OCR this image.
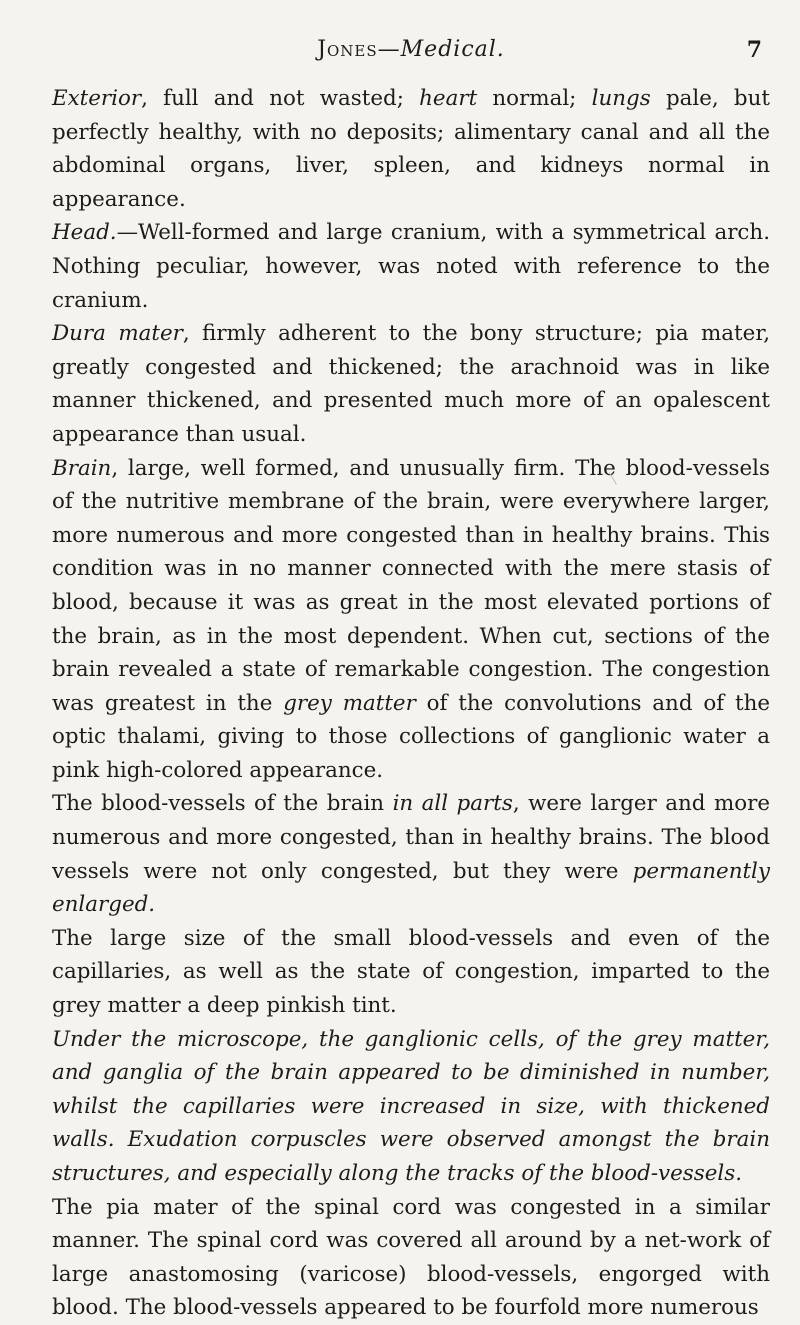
Jones—Medical.	7

Exterior, full and not wasted; heart normal; lungs pale, but perfectly healthy, with no deposits; alimentary canal and all the abdominal organs, liver, spleen, and kidneys normal in appearance.

Head.—Well-formed and large cranium, with a symmetrical arch. Nothing peculiar, however, was noted with reference to the cranium.

Dura mater, firmly adherent to the bony structure; pia mater, greatly congested and thickened; the arachnoid was in like manner thickened, and presented much more of an opalescent appearance than usual.

Brain, large, well formed, and unusually firm. The blood-vessels of the nutritive membrane of the brain, were everywhere larger, more numerous and more congested than in healthy brains. This condition was in no manner connected with the mere stasis of blood, because it was as great in the most elevated portions of the brain, as in the most dependent. When cut, sections of the brain revealed a state of remarkable congestion. The congestion was greatest in the grey matter of the convolutions and of the optic thalami, giving to those collections of ganglionic water a pink high-colored appearance.

The blood-vessels of the brain in all parts, were larger and more numerous and more congested, than in healthy brains. The blood vessels were not only congested, but they were permanently enlarged.

The large size of the small blood-vessels and even of the capillaries, as well as the state of congestion, imparted to the grey matter a deep pinkish tint.

Under the microscope, the ganglionic cells, of the grey matter, and ganglia of the brain appeared to be diminished in number, whilst the capillaries were increased in size, with thickened walls. Exudation corpuscles were observed amongst the brain structures, and especially along the tracks of the blood-vessels.

The pia mater of the spinal cord was congested in a similar manner. The spinal cord was covered all around by a net-work of large anastomosing (varicose) blood-vessels, engorged with blood. The blood-vessels appeared to be fourfold more numerous
